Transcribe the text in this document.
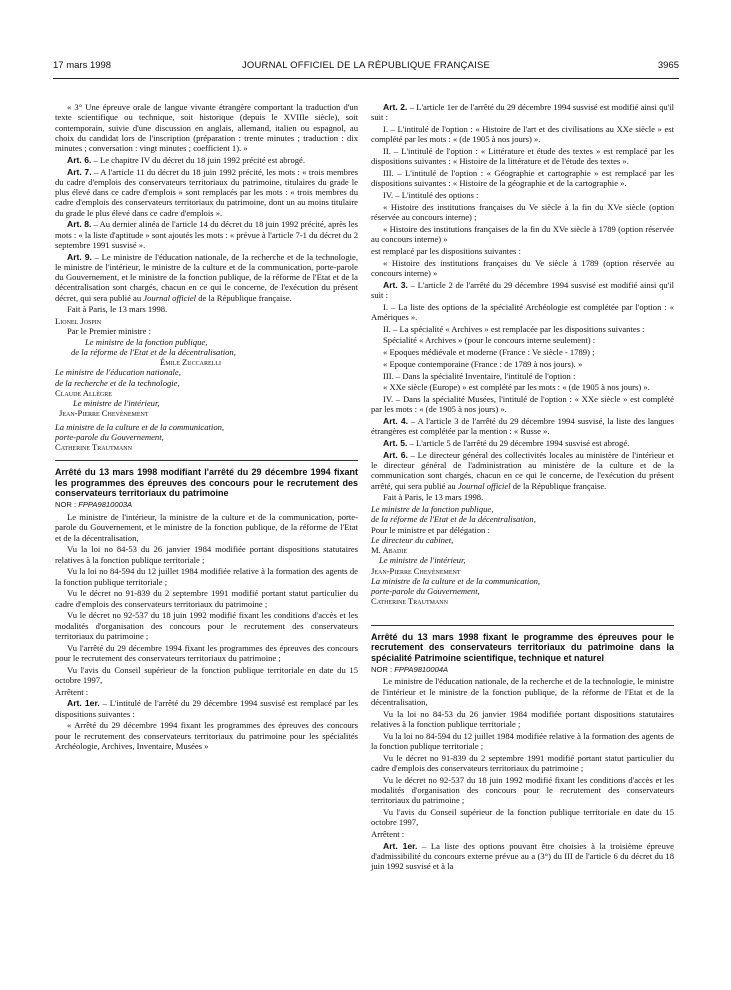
17 mars 1998	JOURNAL OFFICIEL DE LA RÉPUBLIQUE FRANÇAISE	3965

« 3° Une épreuve orale de langue vivante étrangère comportant la traduction d'un texte scientifique ou technique, soit historique (depuis le XVIIIe siècle), soit contemporain, suivie d'une discussion en anglais, allemand, italien ou espagnol, au choix du candidat lors de l'inscription (préparation : trente minutes ; traduction : dix minutes ; conversation : vingt minutes ; coefficient 1). »

Art. 6. – Le chapitre IV du décret du 18 juin 1992 précité est abrogé.

Art. 7. – A l'article 11 du décret du 18 juin 1992 précité, les mots : « trois membres du cadre d'emplois des conservateurs territoriaux du patrimoine, titulaires du grade le plus élevé dans ce cadre d'emplois » sont remplacés par les mots : « trois membres du cadre d'emplois des conservateurs territoriaux du patrimoine, dont un au moins titulaire du grade le plus élevé dans ce cadre d'emplois ».

Art. 8. – Au dernier alinéa de l'article 14 du décret du 18 juin 1992 précité, après les mots : « la liste d'aptitude » sont ajoutés les mots : « prévue à l'article 7-1 du décret du 2 septembre 1991 susvisé ».

Art. 9. – Le ministre de l'éducation nationale, de la recherche et de la technologie, le ministre de l'intérieur, le ministre de la culture et de la communication, porte-parole du Gouvernement, et le ministre de la fonction publique, de la réforme de l'Etat et de la décentralisation sont chargés, chacun en ce qui le concerne, de l'exécution du présent décret, qui sera publié au Journal officiel de la République française.

Fait à Paris, le 13 mars 1998.

Lionel Jospin

Par le Premier ministre :

Le ministre de la fonction publique,

de la réforme de l'Etat et de la décentralisation,

Émile Zuccarelli

Le ministre de l'éducation nationale,

de la recherche et de la technologie,

Claude Allègre

Le ministre de l'intérieur,

Jean-Pierre Chevènement

La ministre de la culture et de la communication,

porte-parole du Gouvernement,

Catherine Trautmann

Arrêté du 13 mars 1998 modifiant l'arrêté du 29 décembre 1994 fixant les programmes des épreuves des concours pour le recrutement des conservateurs territoriaux du patrimoine

NOR : FPPA9810003A

Le ministre de l'intérieur, la ministre de la culture et de la communication, porte-parole du Gouvernement, et le ministre de la fonction publique, de la réforme de l'Etat et de la décentralisation,

Vu la loi no 84-53 du 26 janvier 1984 modifiée portant dispositions statutaires relatives à la fonction publique territoriale ;

Vu la loi no 84-594 du 12 juillet 1984 modifiée relative à la formation des agents de la fonction publique territoriale ;

Vu le décret no 91-839 du 2 septembre 1991 modifié portant statut particulier du cadre d'emplois des conservateurs territoriaux du patrimoine ;

Vu le décret no 92-537 du 18 juin 1992 modifié fixant les conditions d'accès et les modalités d'organisation des concours pour le recrutement des conservateurs territoriaux du patrimoine ;

Vu l'arrêté du 29 décembre 1994 fixant les programmes des épreuves des concours pour le recrutement des conservateurs territoriaux du patrimoine ;

Vu l'avis du Conseil supérieur de la fonction publique territoriale en date du 15 octobre 1997,

Arrêtent :

Art. 1er. – L'intitulé de l'arrêté du 29 décembre 1994 susvisé est remplacé par les dispositions suivantes :

« Arrêté du 29 décembre 1994 fixant les programmes des épreuves des concours pour le recrutement des conservateurs territoriaux du patrimoine pour les spécialités Archéologie, Archives, Inventaire, Musées »

Art. 2. – L'article 1er de l'arrêté du 29 décembre 1994 susvisé est modifié ainsi qu'il suit :

I. – L'intitulé de l'option : « Histoire de l'art et des civilisations au XXe siècle » est complété par les mots : « (de 1905 à nos jours) ».

II. – L'intitulé de l'option : « Littérature et étude des textes » est remplacé par les dispositions suivantes : « Histoire de la littérature et de l'étude des textes ».

III. – L'intitulé de l'option : « Géographie et cartographie » est remplacé par les dispositions suivantes : « Histoire de la géographie et de la cartographie ».

IV. – L'intitulé des options :

« Histoire des institutions françaises du Ve siècle à la fin du XVe siècle (option réservée au concours interne) ;

« Histoire des institutions françaises de la fin du XVe siècle à 1789 (option réservée au concours interne) »

est remplacé par les dispositions suivantes :

« Histoire des institutions françaises du Ve siècle à 1789 (option réservée au concours interne) »

Art. 3. – L'article 2 de l'arrêté du 29 décembre 1994 susvisé est modifié ainsi qu'il suit :

I. – La liste des options de la spécialité Archéologie est complétée par l'option : « Amériques ».

II. – La spécialité « Archives » est remplacée par les dispositions suivantes :

Spécialité « Archives » (pour le concours interne seulement) :

« Epoques médiévale et moderne (France : Ve siècle - 1789) ;

« Epoque contemporaine (France : de 1789 à nos jours). »

III. – Dans la spécialité Inventaire, l'intitulé de l'option :

« XXe siècle (Europe) » est complété par les mots : « (de 1905 à nos jours) ».

IV. – Dans la spécialité Musées, l'intitulé de l'option : « XXe siècle » est complété par les mots : « (de 1905 à nos jours) ».

Art. 4. – A l'article 3 de l'arrêté du 29 décembre 1994 susvisé, la liste des langues étrangères est complétée par la mention : « Russe ».

Art. 5. – L'article 5 de l'arrêté du 29 décembre 1994 susvisé est abrogé.

Art. 6. – Le directeur général des collectivités locales au ministère de l'intérieur et le directeur général de l'administration au ministère de la culture et de la communication sont chargés, chacun en ce qui le concerne, de l'exécution du présent arrêté, qui sera publié au Journal officiel de la République française.

Fait à Paris, le 13 mars 1998.

Le ministre de la fonction publique,

de la réforme de l'Etat et de la décentralisation,

Pour le ministre et par délégation :

Le directeur du cabinet,

M. Abadie

Le ministre de l'intérieur,

Jean-Pierre Chevènement

La ministre de la culture et de la communication,

porte-parole du Gouvernement,

Catherine Trautmann

Arrêté du 13 mars 1998 fixant le programme des épreuves pour le recrutement des conservateurs territoriaux du patrimoine dans la spécialité Patrimoine scientifique, technique et naturel

NOR : FPPA9810004A

Le ministre de l'éducation nationale, de la recherche et de la technologie, le ministre de l'intérieur et le ministre de la fonction publique, de la réforme de l'Etat et de la décentralisation,

Vu la loi no 84-53 du 26 janvier 1984 modifiée portant dispositions statutaires relatives à la fonction publique territoriale ;

Vu la loi no 84-594 du 12 juillet 1984 modifiée relative à la formation des agents de la fonction publique territoriale ;

Vu le décret no 91-839 du 2 septembre 1991 modifié portant statut particulier du cadre d'emplois des conservateurs territoriaux du patrimoine ;

Vu le décret no 92-537 du 18 juin 1992 modifié fixant les conditions d'accès et les modalités d'organisation des concours pour le recrutement des conservateurs territoriaux du patrimoine ;

Vu l'avis du Conseil supérieur de la fonction publique territoriale en date du 15 octobre 1997,

Arrêtent :

Art. 1er. – La liste des options pouvant être choisies à la troisième épreuve d'admissibilité du concours externe prévue au a (3°) du III de l'article 6 du décret du 18 juin 1992 susvisé et à la
